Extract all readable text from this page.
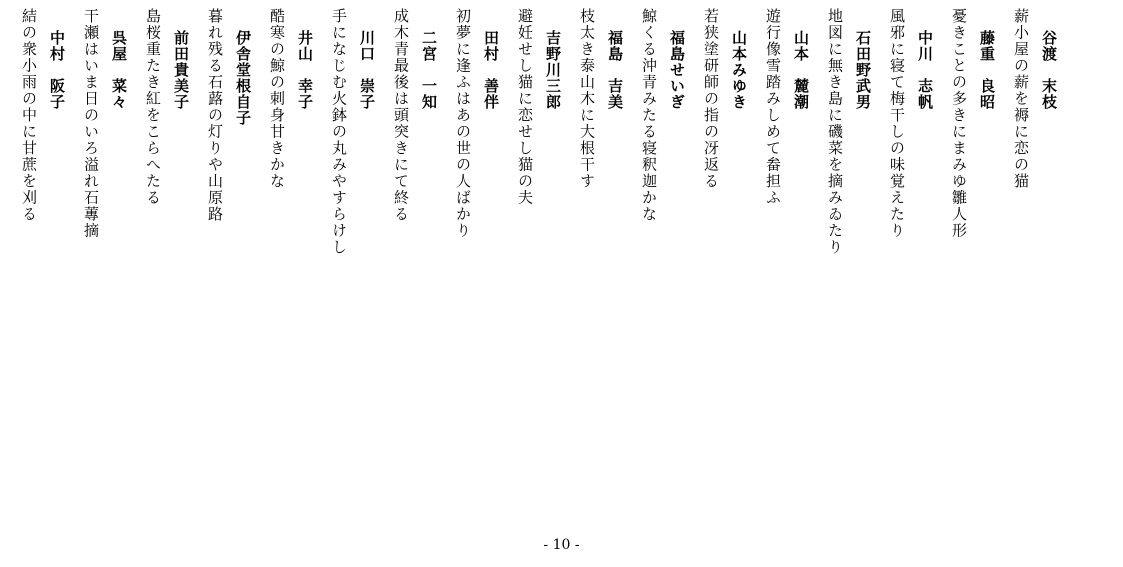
谷渡　末枝
薪小屋の薪を褥に恋の猫
藤重　良昭
憂きことの多きにまみゆ雛人形
中川　志帆
風邪に寝て梅干しの味覚えたり
石田野武男
地図に無き島に磯菜を摘みゐたり
山本　麓潮
遊行像雪踏みしめて畚担ふ
山本みゆき
若狭塗研師の指の冴返る
福島せいぎ
鯨くる沖青みたる寝釈迦かな
福島　吉美
枝太き泰山木に大根干す
吉野川三郎
避妊せし猫に恋せし猫の夫
田村　善伴
初夢に逢ふはあの世の人ばかり
二宮　一知
成木青最後は頭突きにて終る
川口　崇子
手になじむ火鉢の丸みやすらけし
井山　幸子
酷寒の鯨の刺身甘きかな
伊舎堂根自子
暮れ残る石蕗の灯りや山原路
前田貴美子
島桜重たき紅をこらへたる
呉屋　菜々
干瀬はいま日のいろ溢れ石蓴摘
中村　阪子
結の衆小雨の中に甘蔗を刈る
- 10 -
